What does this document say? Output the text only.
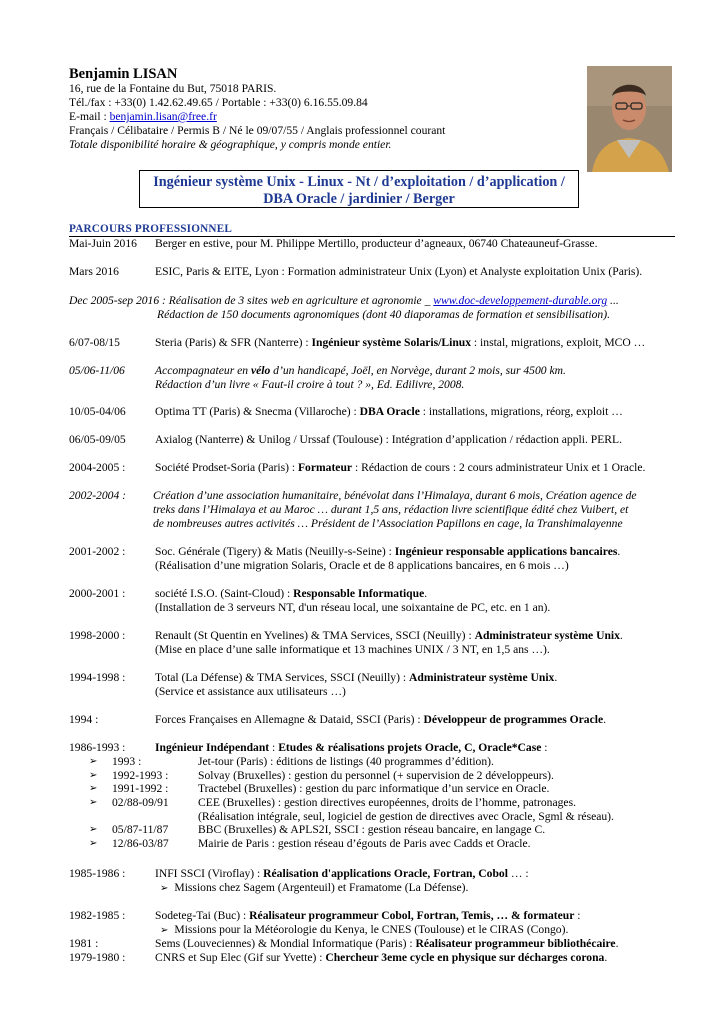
Benjamin LISAN
16, rue de la Fontaine du But, 75018 PARIS.
Tél./fax : +33(0) 1.42.62.49.65 / Portable : +33(0) 6.16.55.09.84
E-mail : benjamin.lisan@free.fr
Français / Célibataire / Permis B / Né le 09/07/55 / Anglais professionnel courant
Totale disponibilité horaire & géographique, y compris monde entier.
Ingénieur système Unix - Linux - Nt / d’exploitation / d’application /
DBA Oracle / jardinier / Berger
PARCOURS PROFESSIONNEL
Mai-Juin 2016 Berger en estive, pour M. Philippe Mertillo, producteur d’agneaux, 06740 Chateauneuf-Grasse.
Mars 2016	ESIC, Paris & EITE, Lyon : Formation administrateur Unix (Lyon) et Analyste exploitation Unix (Paris).
Dec 2005-sep 2016 : Réalisation de 3 sites web en agriculture et agronomie _ www.doc-developpement-durable.org ...
Rédaction de 150 documents agronomiques (dont 40 diaporamas de formation et sensibilisation).
6/07-08/15	Steria (Paris) & SFR (Nanterre) : Ingénieur système Solaris/Linux : instal, migrations, exploit, MCO …
05/06-11/06	Accompagnateur en vélo d’un handicapé, Joël, en Norvège, durant 2 mois, sur 4500 km.
Rédaction d’un livre « Faut-il croire à tout ? », Ed. Edilivre, 2008.
10/05-04/06	Optima TT (Paris) & Snecma (Villaroche) : DBA Oracle : installations, migrations, réorg, exploit …
06/05-09/05	Axialog (Nanterre) & Unilog / Urssaf (Toulouse) : Intégration d’application / rédaction appli. PERL.
2004-2005 :	Société Prodset-Soria (Paris) : Formateur : Rédaction de cours : 2 cours administrateur Unix et 1 Oracle.
2002-2004 : Création d’une association humanitaire, bénévolat dans l’Himalaya, durant 6 mois, Création agence de
treks dans l’Himalaya et au Maroc … durant 1,5 ans, rédaction livre scientifique édité chez Vuibert, et
de nombreuses autres activités … Président de l’Association Papillons en cage, la Transhimalayenne
2001-2002 :	Soc. Générale (Tigery) & Matis (Neuilly-s-Seine) : Ingénieur responsable applications bancaires.
(Réalisation d’une migration Solaris, Oracle et de 8 applications bancaires, en 6 mois …)
2000-2001 :	société I.S.O. (Saint-Cloud) : Responsable Informatique.
(Installation de 3 serveurs NT, d'un réseau local, une soixantaine de PC, etc. en 1 an).
1998-2000 :	Renault (St Quentin en Yvelines) & TMA Services, SSCI (Neuilly) : Administrateur système Unix.
(Mise en place d’une salle informatique et 13 machines UNIX / 3 NT, en 1,5 ans …).
1994-1998 :	Total (La Défense) & TMA Services, SSCI (Neuilly) : Administrateur système Unix.
(Service et assistance aux utilisateurs …)
1994 :	Forces Françaises en Allemagne & Dataid, SSCI (Paris) : Développeur de programmes Oracle.
1986-1993 :	Ingénieur Indépendant : Etudes & réalisations projets Oracle, C, Oracle*Case :
➢ 1993 :	Jet-tour (Paris) : éditions de listings (40 programmes d’édition).
➢ 1992-1993 :	Solvay (Bruxelles) : gestion du personnel (+ supervision de 2 développeurs).
➢ 1991-1992 :	Tractebel (Bruxelles) : gestion du parc informatique d’un service en Oracle.
➢ 02/88-09/91	CEE (Bruxelles) : gestion directives européennes, droits de l’homme, patronages.
(Réalisation intégrale, seul, logiciel de gestion de directives avec Oracle, Sgml & réseau).
➢ 05/87-11/87	BBC (Bruxelles) & APLS2I, SSCI : gestion réseau bancaire, en langage C.
➢ 12/86-03/87	Mairie de Paris : gestion réseau d’égouts de Paris avec Cadds et Oracle.
1985-1986 :	INFI SSCI (Viroflay) : Réalisation d'applications Oracle, Fortran, Cobol … :
➢ Missions chez Sagem (Argenteuil) et Framatome (La Défense).
1982-1985 :	Sodeteg-Tai (Buc) : Réalisateur programmeur Cobol, Fortran, Temis, … & formateur :
➢ Missions pour la Météorologie du Kenya, le CNES (Toulouse) et le CIRAS (Congo).
1981 :	Sems (Louveciennes) & Mondial Informatique (Paris) : Réalisateur programmeur bibliothécaire.
1979-1980 :	CNRS et Sup Elec (Gif sur Yvette) : Chercheur 3eme cycle en physique sur décharges corona.
